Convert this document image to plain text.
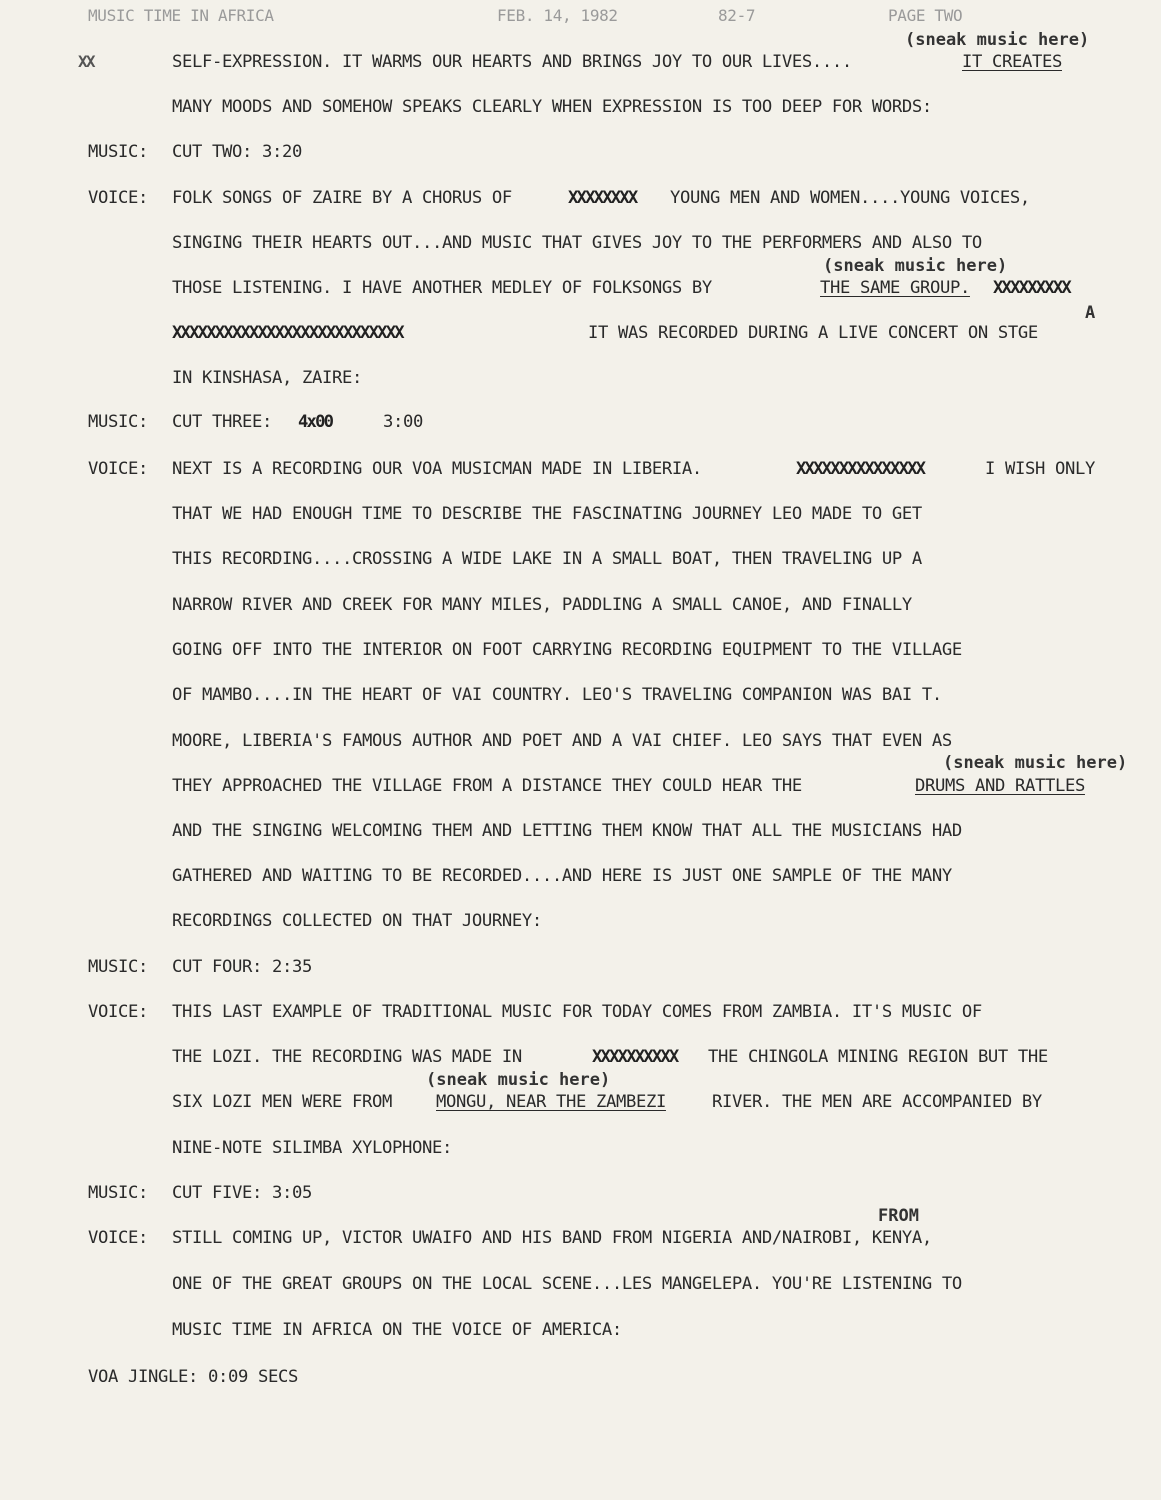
MUSIC TIME IN AFRICA	FEB. 14, 1982	82-7	PAGE TWO
(sneak music here)
XX	SELF-EXPRESSION. IT WARMS OUR HEARTS AND BRINGS JOY TO OUR LIVES....	IT CREATES
MANY MOODS AND SOMEHOW SPEAKS CLEARLY WHEN EXPRESSION IS TOO DEEP FOR WORDS:
MUSIC: CUT TWO: 3:20
VOICE: FOLK SONGS OF ZAIRE BY A CHORUS OF	XXXXXXXX YOUNG MEN AND WOMEN....YOUNG VOICES,
SINGING THEIR HEARTS OUT...AND MUSIC THAT GIVES JOY TO THE PERFORMERS AND ALSO TO
(sneak music here)
THOSE LISTENING. I HAVE ANOTHER MEDLEY OF FOLKSONGS BY	THE SAME GROUP. XXXXXXXXX
A
XXXXXXXXXXXXXXXXXXXXXXXXXXX	IT WAS RECORDED DURING A LIVE CONCERT ON STGE
IN KINSHASA, ZAIRE:
MUSIC: CUT THREE: 4x00	3:00
VOICE: NEXT IS A RECORDING OUR VOA MUSICMAN MADE IN LIBERIA.	XXXXXXXXXXXXXXX	I WISH ONLY
THAT WE HAD ENOUGH TIME TO DESCRIBE THE FASCINATING JOURNEY LEO MADE TO GET
THIS RECORDING....CROSSING A WIDE LAKE IN A SMALL BOAT, THEN TRAVELING UP A
NARROW RIVER AND CREEK FOR MANY MILES, PADDLING A SMALL CANOE, AND FINALLY
GOING OFF INTO THE INTERIOR ON FOOT CARRYING RECORDING EQUIPMENT TO THE VILLAGE
OF MAMBO....IN THE HEART OF VAI COUNTRY. LEO'S TRAVELING COMPANION WAS BAI T.
MOORE, LIBERIA'S FAMOUS AUTHOR AND POET AND A VAI CHIEF. LEO SAYS THAT EVEN AS
(sneak music here)
THEY APPROACHED THE VILLAGE FROM A DISTANCE THEY COULD HEAR THE	DRUMS AND RATTLES
AND THE SINGING WELCOMING THEM AND LETTING THEM KNOW THAT ALL THE MUSICIANS HAD
GATHERED AND WAITING TO BE RECORDED....AND HERE IS JUST ONE SAMPLE OF THE MANY
RECORDINGS COLLECTED ON THAT JOURNEY:
MUSIC: CUT FOUR: 2:35
VOICE: THIS LAST EXAMPLE OF TRADITIONAL MUSIC FOR TODAY COMES FROM ZAMBIA. IT'S MUSIC OF
THE LOZI. THE RECORDING WAS MADE IN	XXXXXXXXXX THE CHINGOLA MINING REGION BUT THE
(sneak music here)
SIX LOZI MEN WERE FROM	MONGU, NEAR THE ZAMBEZI	RIVER. THE MEN ARE ACCOMPANIED BY
NINE-NOTE SILIMBA XYLOPHONE:
MUSIC: CUT FIVE: 3:05
FROM
VOICE: STILL COMING UP, VICTOR UWAIFO AND HIS BAND FROM NIGERIA AND/NAIROBI, KENYA,
ONE OF THE GREAT GROUPS ON THE LOCAL SCENE...LES MANGELEPA. YOU'RE LISTENING TO
MUSIC TIME IN AFRICA ON THE VOICE OF AMERICA:
VOA JINGLE: 0:09 SECS
